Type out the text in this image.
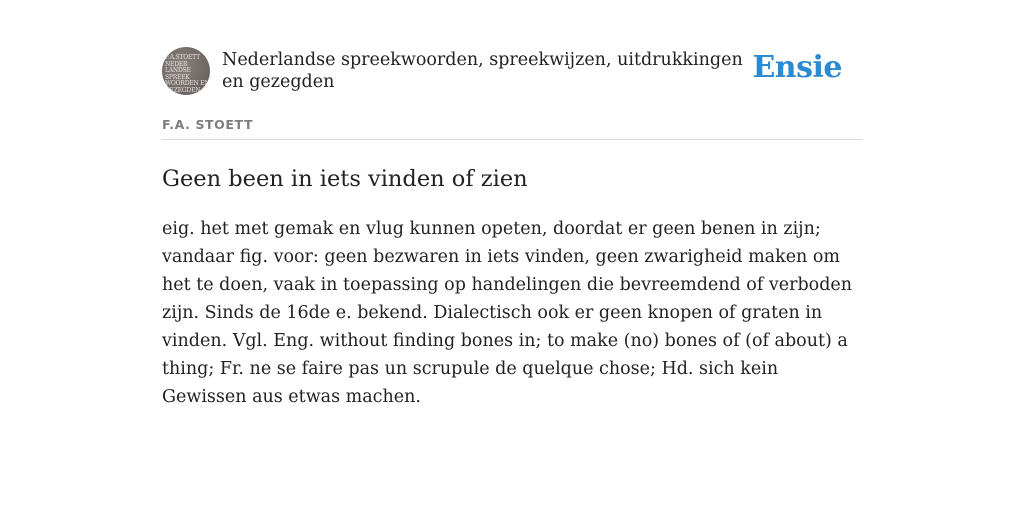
F.A.STOETT
NEDER
LANDSE
SPREEK
WOORDEN EN
GEZEGDEN
Nederlandse spreekwoorden, spreekwijzen, uitdrukkingen en gezegden	Ensie
F.A. STOETT
Geen been in iets vinden of zien
eig. het met gemak en vlug kunnen opeten, doordat er geen benen in zijn; vandaar fig. voor: geen bezwaren in iets vinden, geen zwarigheid maken om het te doen, vaak in toepassing op handelingen die bevreemdend of verboden zijn. Sinds de 16de e. bekend. Dialectisch ook er geen knopen of graten in vinden. Vgl. Eng. without finding bones in; to make (no) bones of (of about) a thing; Fr. ne se faire pas un scrupule de quelque chose; Hd. sich kein Gewissen aus etwas machen.
